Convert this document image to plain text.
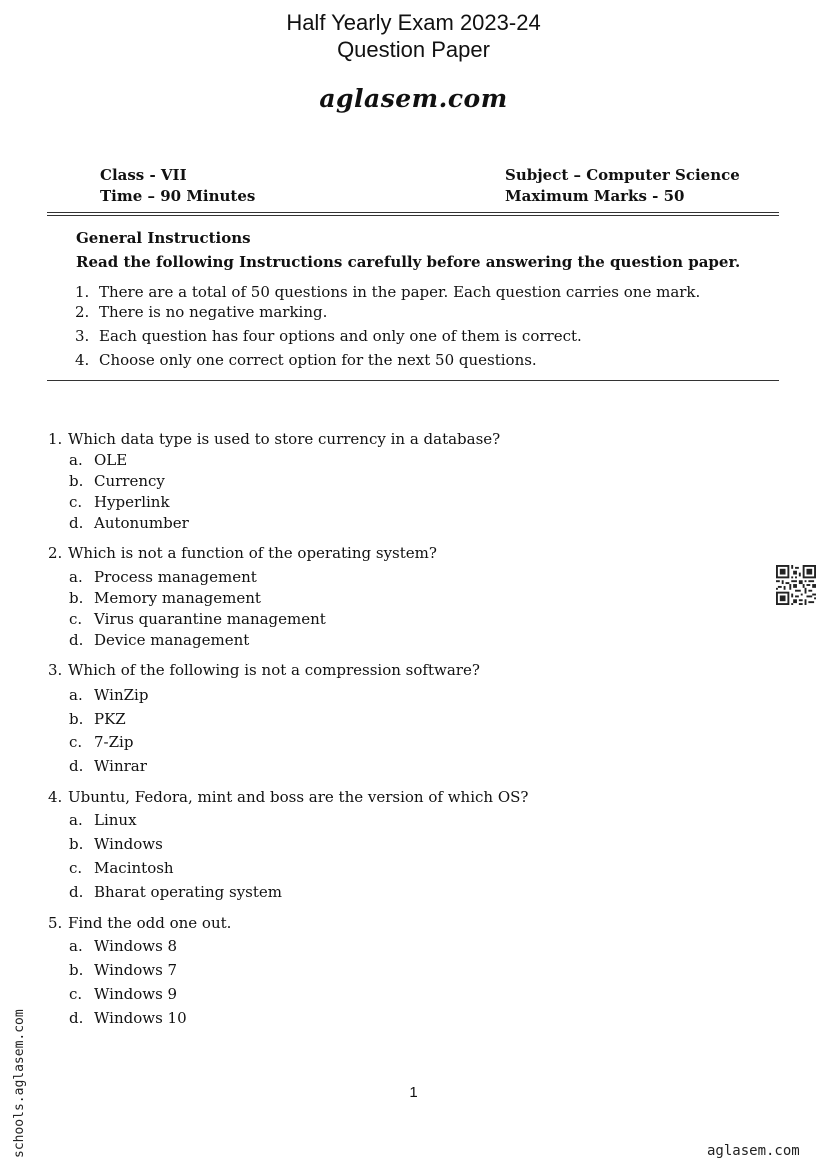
Half Yearly Exam 2023-24
Question Paper
aglasem.com
Class - VII
Time – 90 Minutes
Subject – Computer Science
Maximum Marks - 50
General Instructions
Read the following Instructions carefully before answering the question paper.
1. There are a total of 50 questions in the paper. Each question carries one mark.
2. There is no negative marking.
3. Each question has four options and only one of them is correct.
4. Choose only one correct option for the next 50 questions.
1. Which data type is used to store currency in a database?
a. OLE
b. Currency
c. Hyperlink
d. Autonumber
2. Which is not a function of the operating system?
a. Process management
b. Memory management
c. Virus quarantine management
d. Device management
3. Which of the following is not a compression software?
a. WinZip
b. PKZ
c. 7-Zip
d. Winrar
4. Ubuntu, Fedora, mint and boss are the version of which OS?
a. Linux
b. Windows
c. Macintosh
d. Bharat operating system
5. Find the odd one out.
a. Windows 8
b. Windows 7
c. Windows 9
d. Windows 10
1
schools.aglasem.com	aglasem.com
